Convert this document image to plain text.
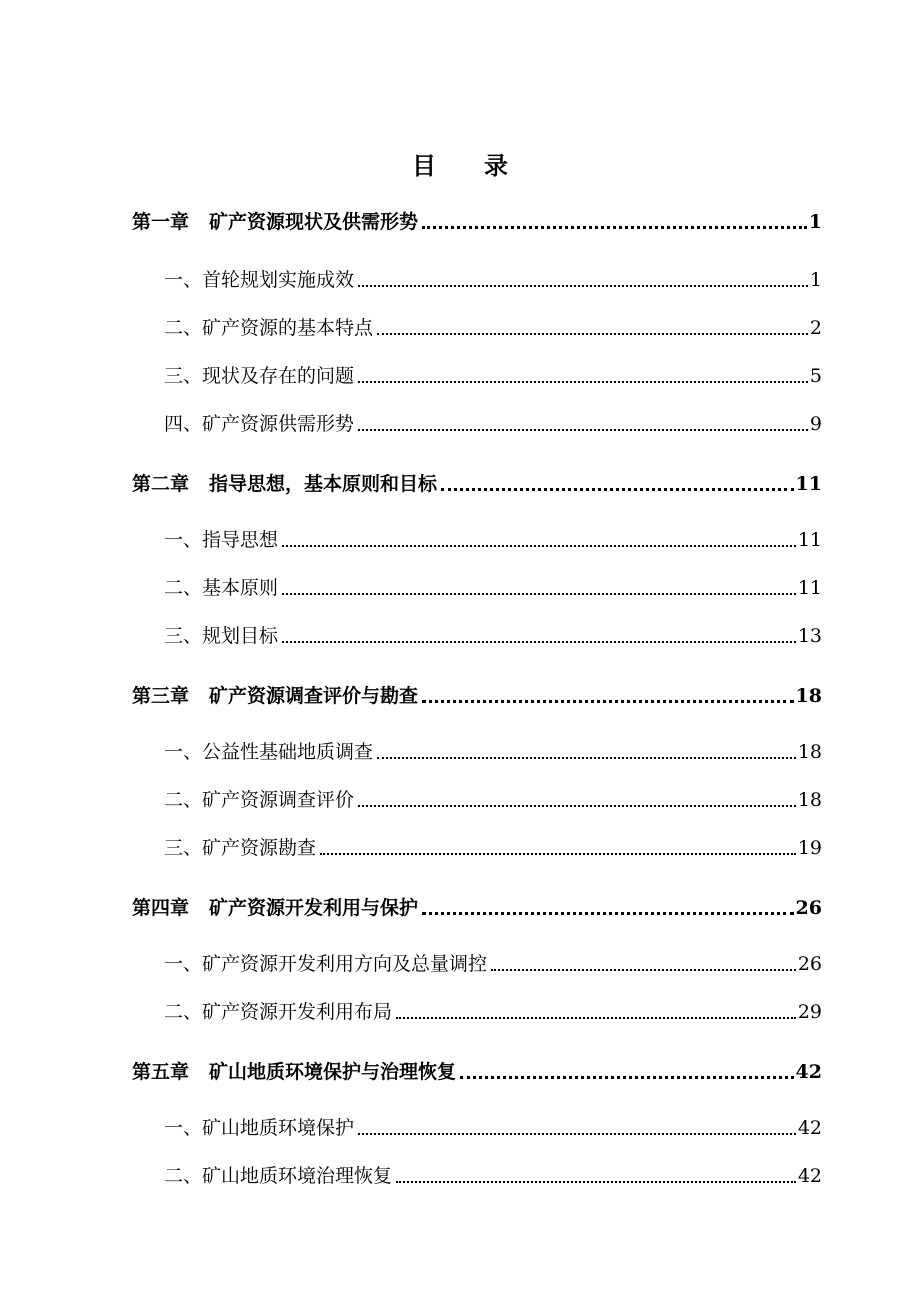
目 录
第一章 矿产资源现状及供需形势	1
一、 首轮规划实施成效	1
二、 矿产资源的基本特点	2
三、 现状及存在的问题	5
四、 矿产资源供需形势	9
第二章 指导思想，基本原则和目标	11
一、 指导思想	11
二、 基本原则	11
三、 规划目标	13
第三章 矿产资源调查评价与勘查	18
一、 公益性基础地质调查	18
二、 矿产资源调查评价	18
三、 矿产资源勘查	19
第四章 矿产资源开发利用与保护	26
一、 矿产资源开发利用方向及总量调控	26
二、 矿产资源开发利用布局	29
第五章 矿山地质环境保护与治理恢复	42
一、 矿山地质环境保护	42
二、 矿山地质环境治理恢复	42
